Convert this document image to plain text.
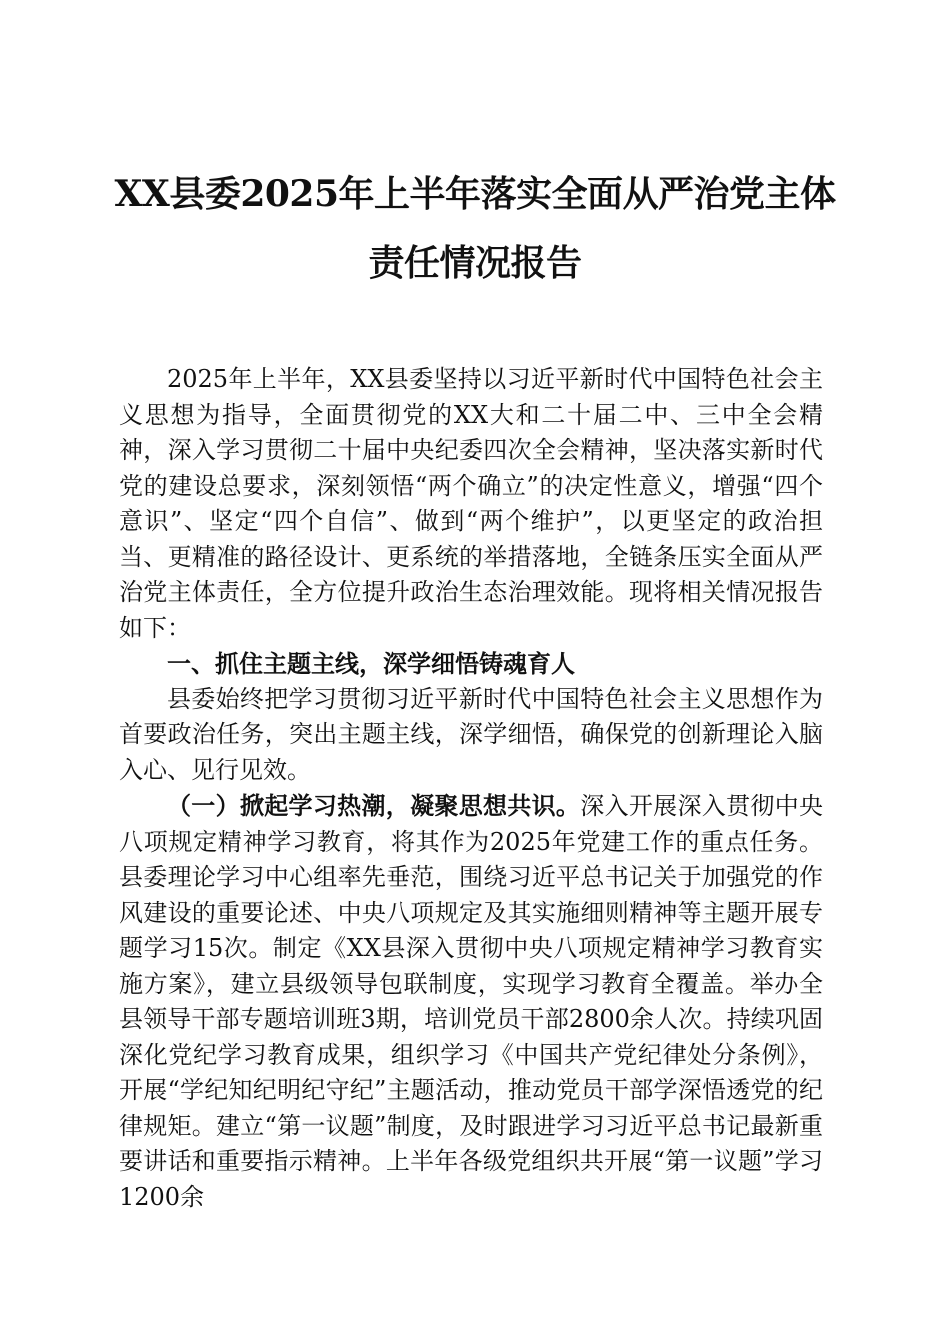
XX县委2025年上半年落实全面从严治党主体
责任情况报告

2025年上半年，XX县委坚持以习近平新时代中国特色社会主义思想为指导，全面贯彻党的XX大和二十届二中、三中全会精神，深入学习贯彻二十届中央纪委四次全会精神，坚决落实新时代党的建设总要求，深刻领悟“两个确立”的决定性意义，增强“四个意识”、坚定“四个自信”、做到“两个维护”，以更坚定的政治担当、更精准的路径设计、更系统的举措落地，全链条压实全面从严治党主体责任，全方位提升政治生态治理效能。现将相关情况报告如下：

一、抓住主题主线，深学细悟铸魂育人

县委始终把学习贯彻习近平新时代中国特色社会主义思想作为首要政治任务，突出主题主线，深学细悟，确保党的创新理论入脑入心、见行见效。

（一）掀起学习热潮，凝聚思想共识。深入开展深入贯彻中央八项规定精神学习教育，将其作为2025年党建工作的重点任务。县委理论学习中心组率先垂范，围绕习近平总书记关于加强党的作风建设的重要论述、中央八项规定及其实施细则精神等主题开展专题学习15次。制定《XX县深入贯彻中央八项规定精神学习教育实施方案》，建立县级领导包联制度，实现学习教育全覆盖。举办全县领导干部专题培训班3期，培训党员干部2800余人次。持续巩固深化党纪学习教育成果，组织学习《中国共产党纪律处分条例》，开展“学纪知纪明纪守纪”主题活动，推动党员干部学深悟透党的纪律规矩。建立“第一议题”制度，及时跟进学习习近平总书记最新重要讲话和重要指示精神。上半年各级党组织共开展“第一议题”学习1200余
